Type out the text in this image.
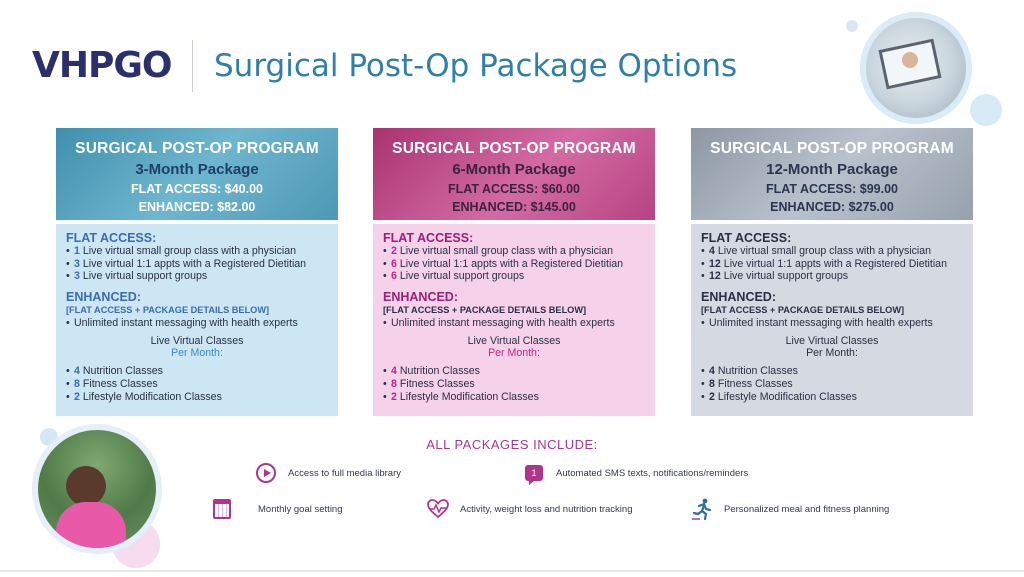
VHPGO Surgical Post-Op Package Options
SURGICAL POST-OP PROGRAM
3-Month Package
FLAT ACCESS: $40.00
ENHANCED: $82.00
FLAT ACCESS:
• 1 Live virtual small group class with a physician
• 3 Live virtual 1:1 appts with a Registered Dietitian
• 3 Live virtual support groups
ENHANCED:
[FLAT ACCESS + PACKAGE DETAILS BELOW]
• Unlimited instant messaging with health experts
Live Virtual Classes
Per Month:
• 4 Nutrition Classes
• 8 Fitness Classes
• 2 Lifestyle Modification Classes
SURGICAL POST-OP PROGRAM
6-Month Package
FLAT ACCESS: $60.00
ENHANCED: $145.00
FLAT ACCESS:
• 2 Live virtual small group class with a physician
• 6 Live virtual 1:1 appts with a Registered Dietitian
• 6 Live virtual support groups
ENHANCED:
[FLAT ACCESS + PACKAGE DETAILS BELOW]
• Unlimited instant messaging with health experts
Live Virtual Classes
Per Month:
• 4 Nutrition Classes
• 8 Fitness Classes
• 2 Lifestyle Modification Classes
SURGICAL POST-OP PROGRAM
12-Month Package
FLAT ACCESS: $99.00
ENHANCED: $275.00
FLAT ACCESS:
• 4 Live virtual small group class with a physician
• 12 Live virtual 1:1 appts with a Registered Dietitian
• 12 Live virtual support groups
ENHANCED:
[FLAT ACCESS + PACKAGE DETAILS BELOW]
• Unlimited instant messaging with health experts
Live Virtual Classes
Per Month:
• 4 Nutrition Classes
• 8 Fitness Classes
• 2 Lifestyle Modification Classes
ALL PACKAGES INCLUDE:
Access to full media library	1	Automated SMS texts, notifications/reminders
Monthly goal setting	Activity, weight loss and nutrition tracking	Personalized meal and fitness planning
